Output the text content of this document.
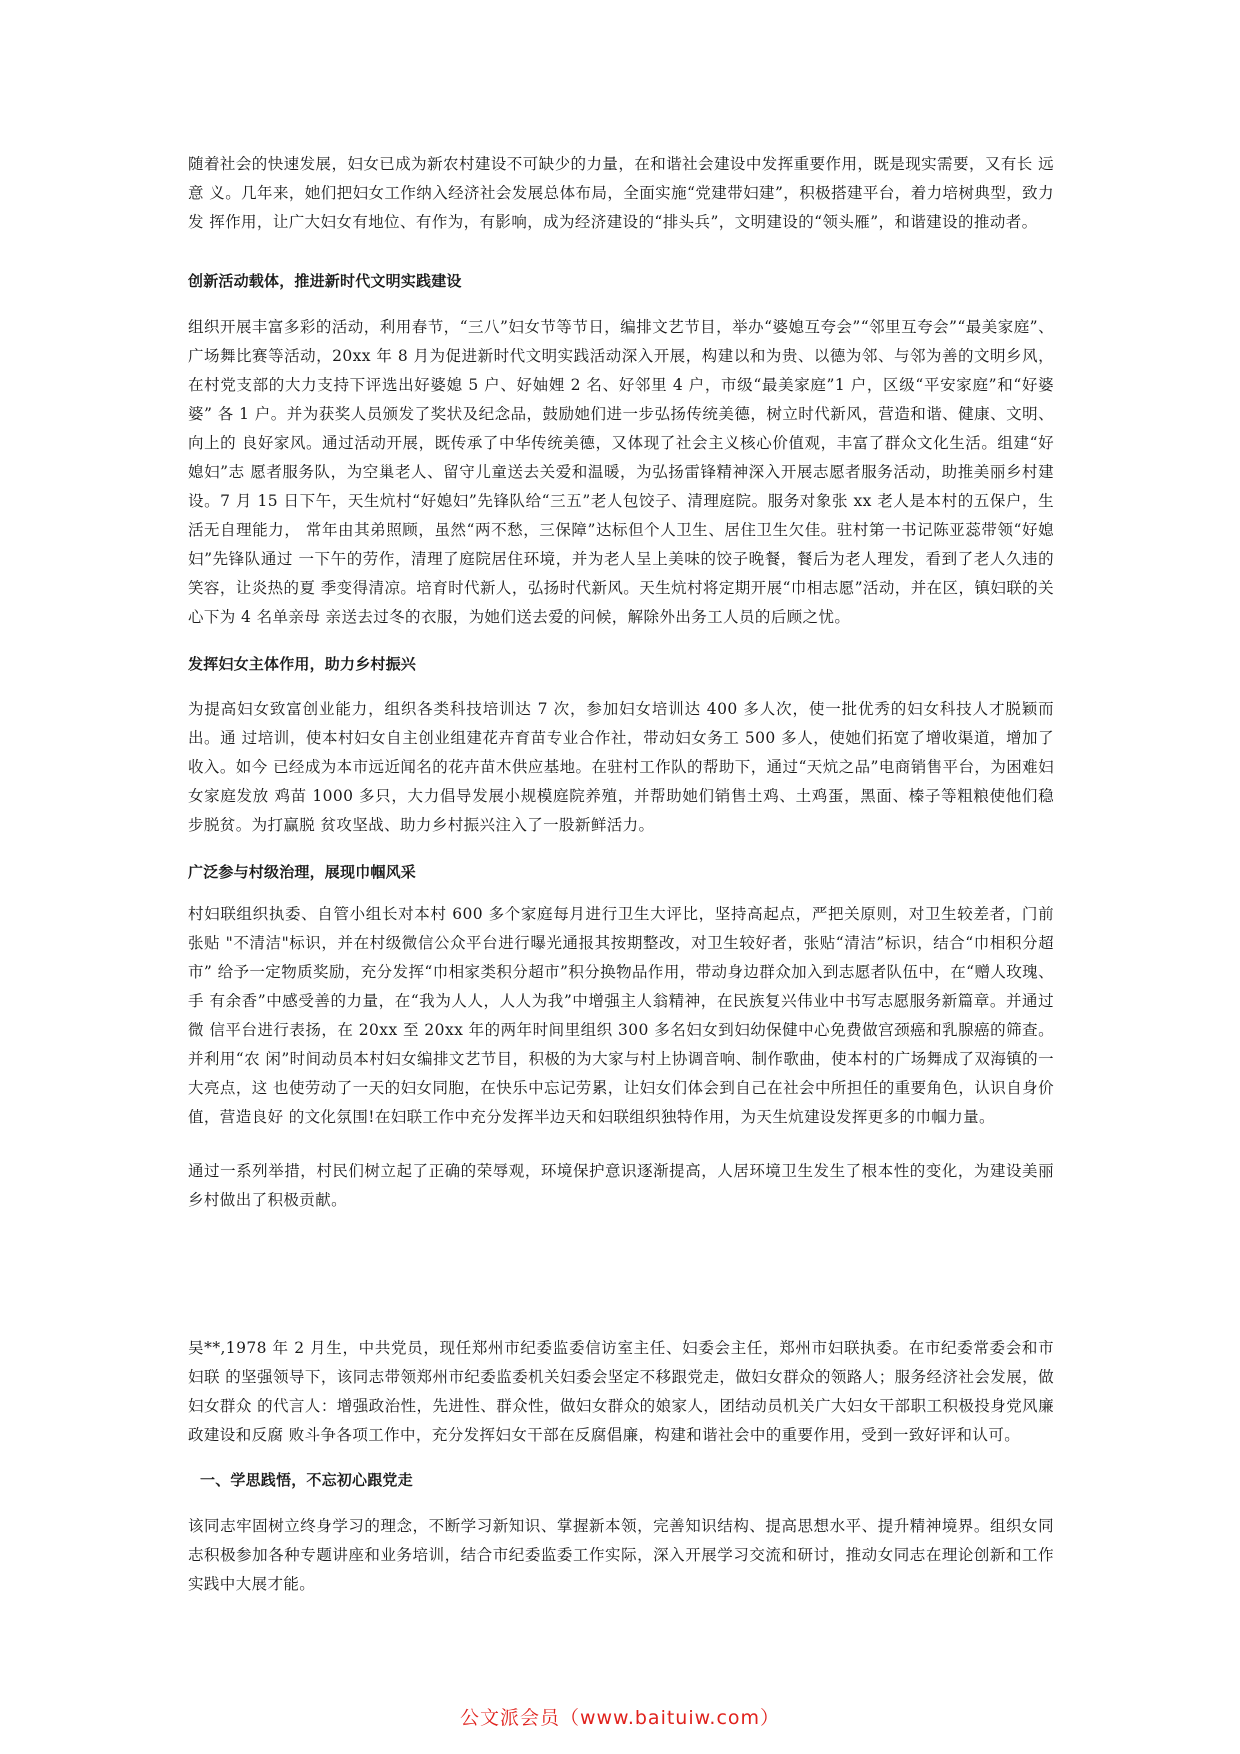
随着社会的快速发展，妇女已成为新农村建设不可缺少的力量，在和谐社会建设中发挥重要作用，既是现实需要，又有长 远意 义。几年来，她们把妇女工作纳入经济社会发展总体布局，全面实施“党建带妇建”，积极搭建平台，着力培树典型，致力发 挥作用，让广大妇女有地位、有作为，有影响，成为经济建设的“排头兵”，文明建设的“领头雁”，和谐建设的推动者。

创新活动载体，推进新时代文明实践建设

组织开展丰富多彩的活动，利用春节，“三八”妇女节等节日，编排文艺节目，举办“婆媳互夸会”“邻里互夸会”“最美家庭”、广场舞比赛等活动，20xx 年 8 月为促进新时代文明实践活动深入开展，构建以和为贵、以德为邻、与邻为善的文明乡风， 在村党支部的大力支持下评选出好婆媳 5 户、好妯娌 2 名、好邻里 4 户，市级“最美家庭”1 户，区级“平安家庭”和“好婆婆” 各 1 户。并为获奖人员颁发了奖状及纪念品，鼓励她们进一步弘扬传统美德，树立时代新风，营造和谐、健康、文明、向上的 良好家风。通过活动开展，既传承了中华传统美德，又体现了社会主义核心价值观，丰富了群众文化生活。组建“好媳妇”志 愿者服务队，为空巢老人、留守儿童送去关爱和温暖，为弘扬雷锋精神深入开展志愿者服务活动，助推美丽乡村建设。7 月 15 日下午，天生炕村“好媳妇”先锋队给“三五”老人包饺子、清理庭院。服务对象张 xx 老人是本村的五保户，生活无自理能力， 常年由其弟照顾，虽然“两不愁，三保障”达标但个人卫生、居住卫生欠佳。驻村第一书记陈亚蕊带领“好媳妇”先锋队通过 一下午的劳作，清理了庭院居住环境，并为老人呈上美味的饺子晚餐，餐后为老人理发，看到了老人久违的笑容，让炎热的夏 季变得清凉。培育时代新人，弘扬时代新风。天生炕村将定期开展“巾相志愿”活动，并在区，镇妇联的关心下为 4 名单亲母 亲送去过冬的衣服，为她们送去爱的问候，解除外出务工人员的后顾之忧。

发挥妇女主体作用，助力乡村振兴

为提高妇女致富创业能力，组织各类科技培训达 7 次，参加妇女培训达 400 多人次，使一批优秀的妇女科技人才脱颖而出。通 过培训，使本村妇女自主创业组建花卉育苗专业合作社，带动妇女务工 500 多人，使她们拓宽了增收渠道，增加了收入。如今 已经成为本市远近闻名的花卉苗木供应基地。在驻村工作队的帮助下，通过“天炕之品”电商销售平台，为困难妇女家庭发放 鸡苗 1000 多只，大力倡导发展小规模庭院养殖，并帮助她们销售土鸡、土鸡蛋，黑面、榛子等粗粮使他们稳步脱贫。为打赢脱 贫攻坚战、助力乡村振兴注入了一股新鲜活力。

广泛参与村级治理，展现巾帼风采

村妇联组织执委、自管小组长对本村 600 多个家庭每月进行卫生大评比，坚持高起点，严把关原则，对卫生较差者，门前张贴 "不清洁"标识，并在村级微信公众平台进行曝光通报其按期整改，对卫生较好者，张贴“清洁”标识，结合“巾相积分超市” 给予一定物质奖励，充分发挥“巾相家类积分超市”积分换物品作用，带动身边群众加入到志愿者队伍中，在“赠人玫瑰、手 有余香”中感受善的力量，在“我为人人，人人为我”中增强主人翁精神，在民族复兴伟业中书写志愿服务新篇章。并通过微 信平台进行表扬，在 20xx 至 20xx 年的两年时间里组织 300 多名妇女到妇幼保健中心免费做宫颈癌和乳腺癌的筛查。并利用“农 闲”时间动员本村妇女编排文艺节目，积极的为大家与村上协调音响、制作歌曲，使本村的广场舞成了双海镇的一大亮点，这 也使劳动了一天的妇女同胞，在快乐中忘记劳累，让妇女们体会到自己在社会中所担任的重要角色，认识自身价值，营造良好 的文化氛围!在妇联工作中充分发挥半边天和妇联组织独特作用，为天生炕建设发挥更多的巾帼力量。

通过一系列举措，村民们树立起了正确的荣辱观，环境保护意识逐渐提高，人居环境卫生发生了根本性的变化，为建设美丽乡村做出了积极贡献。

吴**,1978 年 2 月生，中共党员，现任郑州市纪委监委信访室主任、妇委会主任，郑州市妇联执委。在市纪委常委会和市妇联 的坚强领导下，该同志带领郑州市纪委监委机关妇委会坚定不移跟党走，做妇女群众的领路人；服务经济社会发展，做妇女群众 的代言人：增强政治性，先进性、群众性，做妇女群众的娘家人，团结动员机关广大妇女干部职工积极投身党风廉政建设和反腐 败斗争各项工作中，充分发挥妇女干部在反腐倡廉，构建和谐社会中的重要作用，受到一致好评和认可。

一、学思践悟，不忘初心跟党走

该同志牢固树立终身学习的理念，不断学习新知识、掌握新本领，完善知识结构、提高思想水平、提升精神境界。组织女同志积极参加各种专题讲座和业务培训，结合市纪委监委工作实际，深入开展学习交流和研讨，推动女同志在理论创新和工作实践中大展才能。

公文派会员（www.baituiw.com）
